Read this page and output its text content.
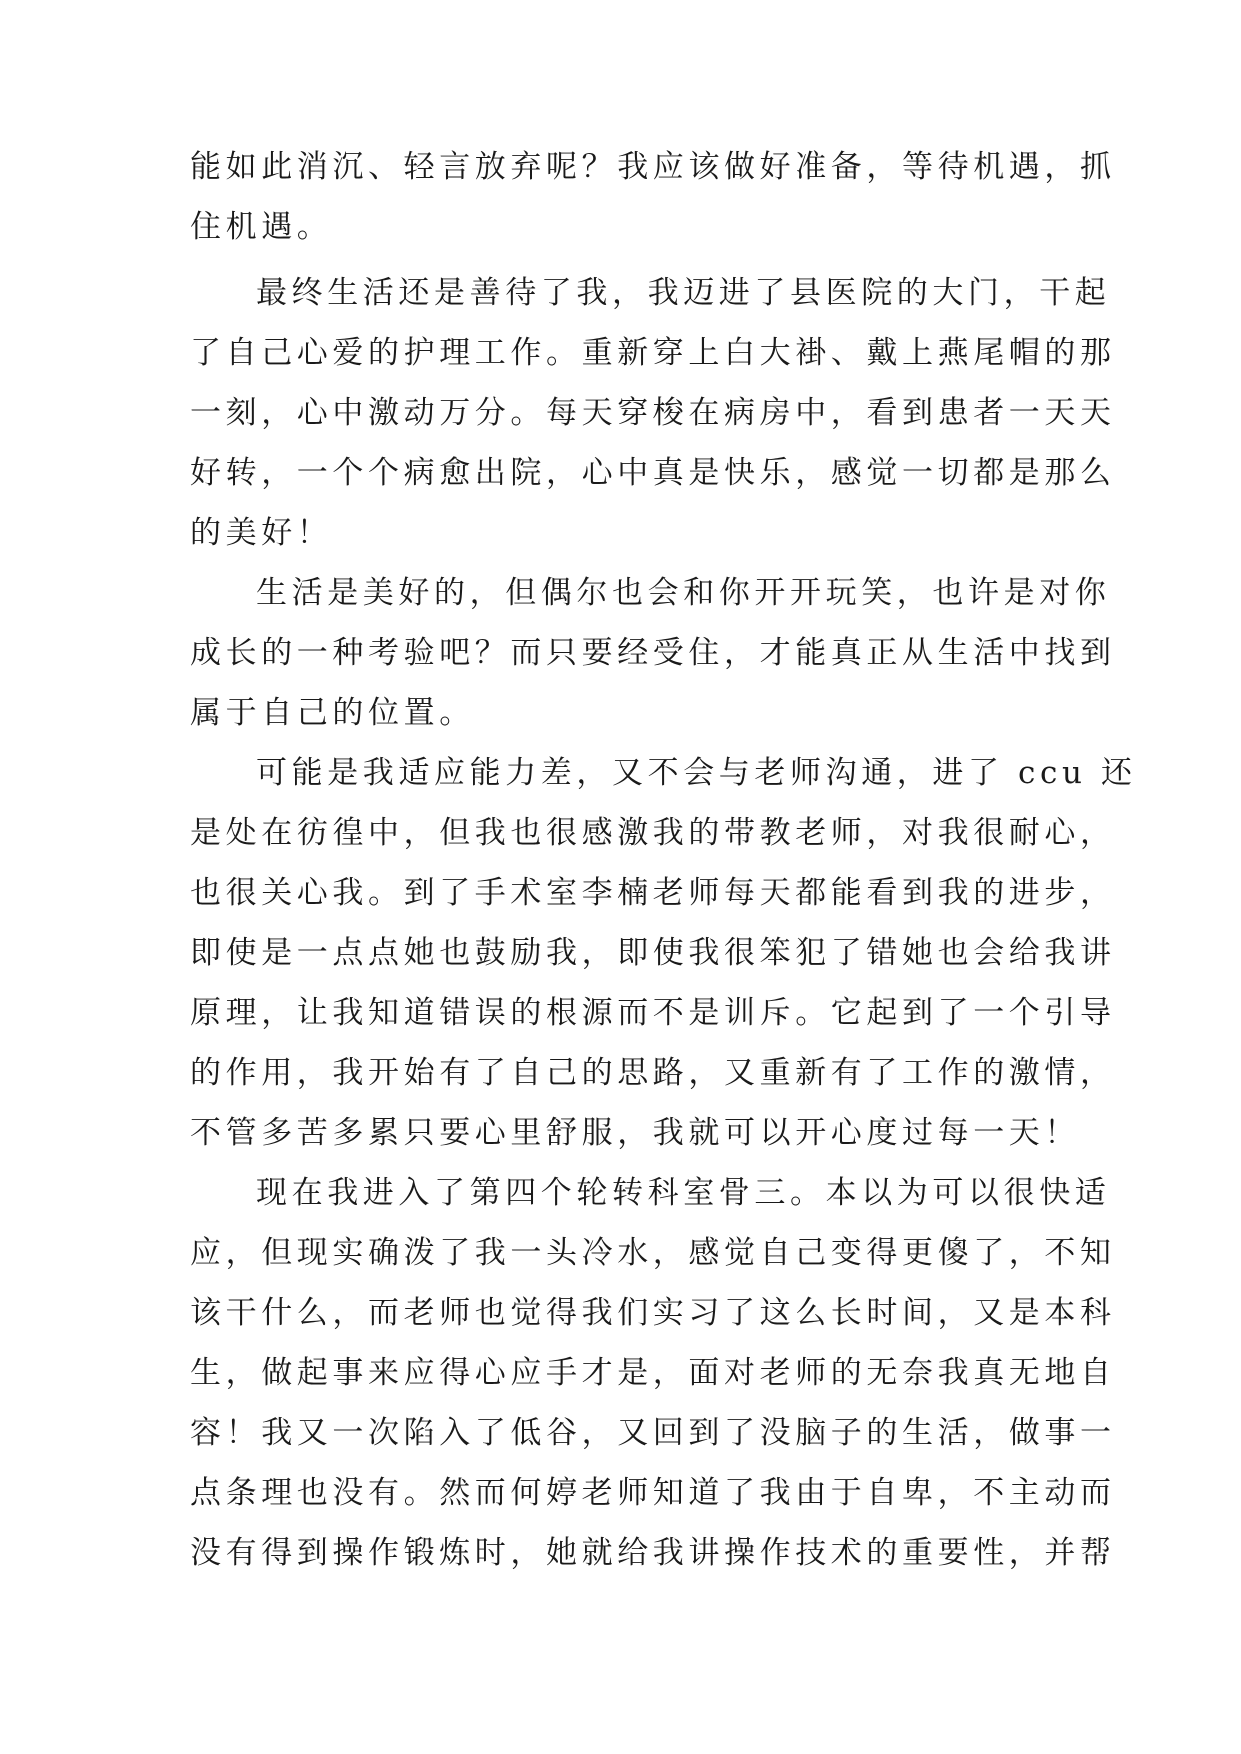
能如此消沉、轻言放弃呢？我应该做好准备，等待机遇，抓
住机遇。
最终生活还是善待了我，我迈进了县医院的大门，干起
了自己心爱的护理工作。重新穿上白大褂、戴上燕尾帽的那
一刻，心中激动万分。每天穿梭在病房中，看到患者一天天
好转，一个个病愈出院，心中真是快乐，感觉一切都是那么
的美好！
生活是美好的，但偶尔也会和你开开玩笑，也许是对你
成长的一种考验吧？而只要经受住，才能真正从生活中找到
属于自己的位置。
可能是我适应能力差，又不会与老师沟通，进了 ccu 还
是处在彷徨中，但我也很感激我的带教老师，对我很耐心，
也很关心我。到了手术室李楠老师每天都能看到我的进步，
即使是一点点她也鼓励我，即使我很笨犯了错她也会给我讲
原理，让我知道错误的根源而不是训斥。它起到了一个引导
的作用，我开始有了自己的思路，又重新有了工作的激情，
不管多苦多累只要心里舒服，我就可以开心度过每一天！
现在我进入了第四个轮转科室骨三。本以为可以很快适
应，但现实确泼了我一头冷水，感觉自己变得更傻了，不知
该干什么，而老师也觉得我们实习了这么长时间，又是本科
生，做起事来应得心应手才是，面对老师的无奈我真无地自
容！我又一次陷入了低谷，又回到了没脑子的生活，做事一
点条理也没有。然而何婷老师知道了我由于自卑，不主动而
没有得到操作锻炼时，她就给我讲操作技术的重要性，并帮
